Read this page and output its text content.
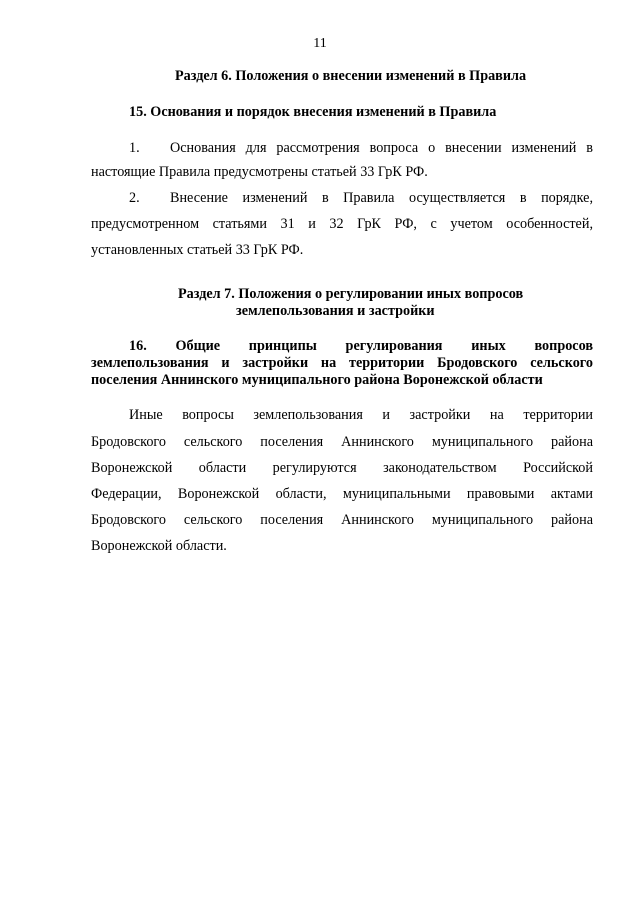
11
Раздел 6. Положения о внесении изменений в Правила
15. Основания и порядок внесения изменений в Правила
1. Основания для рассмотрения вопроса о внесении изменений в
настоящие Правила предусмотрены статьей 33 ГрК РФ.
2. Внесение изменений в Правила осуществляется в порядке,
предусмотренном статьями 31 и 32 ГрК РФ, с учетом особенностей,
установленных статьей 33 ГрК РФ.
Раздел 7. Положения о регулировании иных вопросов
землепользования и застройки
16. Общие принципы регулирования иных вопросов
землепользования и застройки на территории Бродовского сельского
поселения Аннинского муниципального района Воронежской области
Иные вопросы землепользования и застройки на территории
Бродовского сельского поселения Аннинского муниципального района
Воронежской области регулируются законодательством Российской
Федерации, Воронежской области, муниципальными правовыми актами
Бродовского сельского поселения Аннинского муниципального района
Воронежской области.
